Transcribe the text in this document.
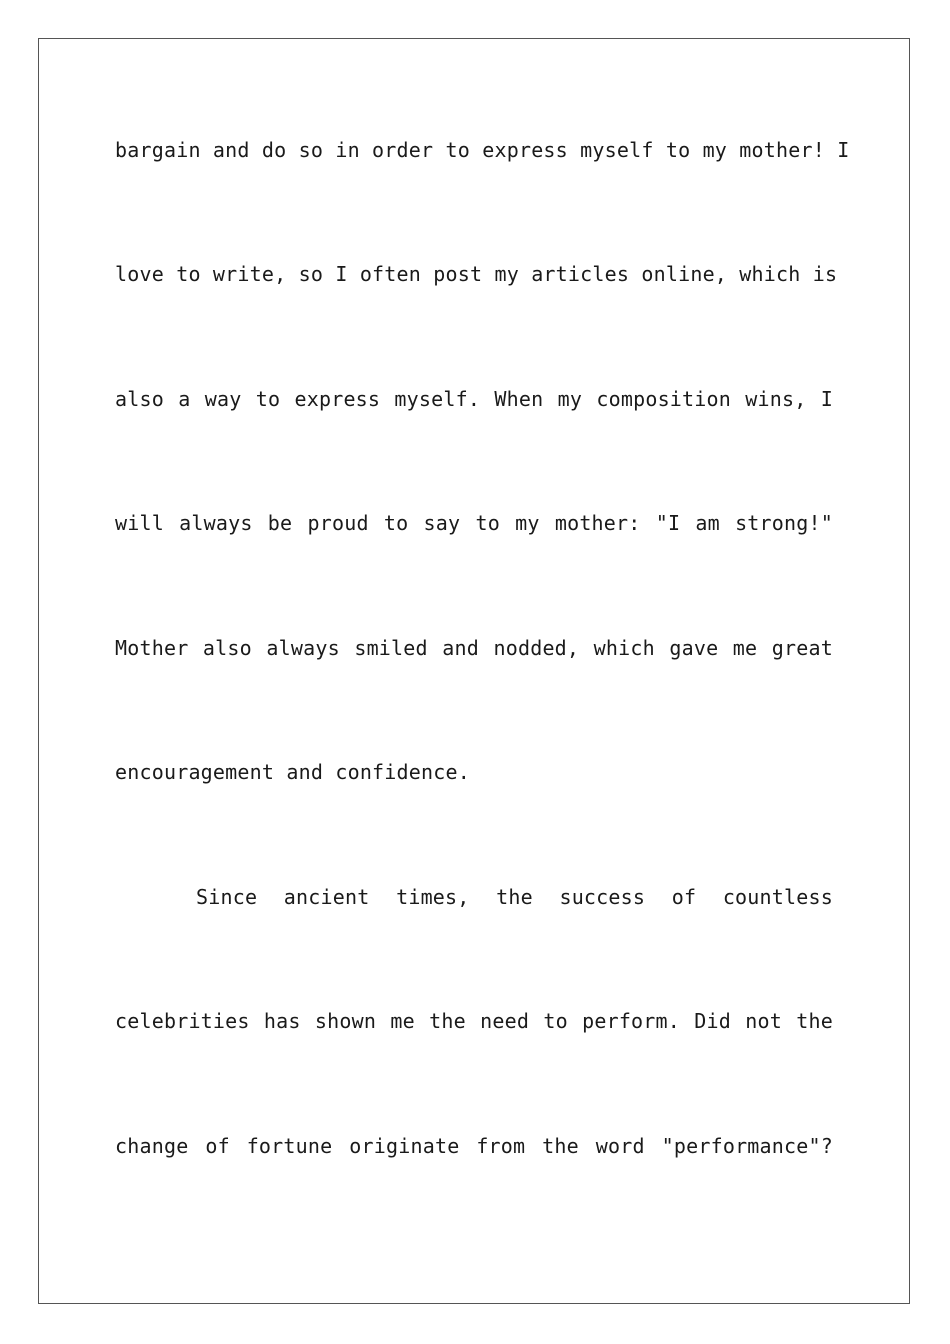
bargain and do so in order to express myself to my mother! I
love to write, so I often post my articles online, which is
also a way to express myself. When my composition wins, I
will always be proud to say to my mother: "I am strong!"
Mother also always smiled and nodded, which gave me great
encouragement and confidence.
Since ancient times, the success of countless
celebrities has shown me the need to perform. Did not the
change of fortune originate from the word "performance"?
